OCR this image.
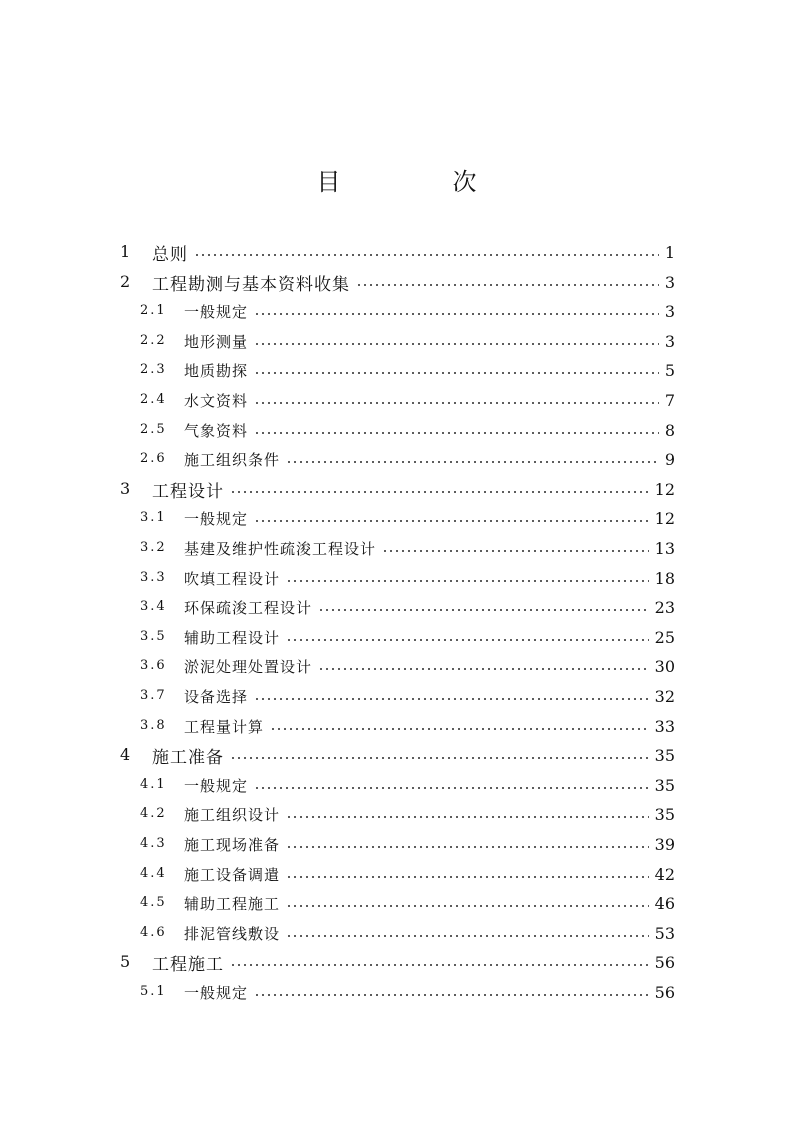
目　次
1 总则	1
2 工程勘测与基本资料收集	3
2.1 一般规定	3
2.2 地形测量	3
2.3 地质勘探	5
2.4 水文资料	7
2.5 气象资料	8
2.6 施工组织条件	9
3 工程设计	12
3.1 一般规定	12
3.2 基建及维护性疏浚工程设计	13
3.3 吹填工程设计	18
3.4 环保疏浚工程设计	23
3.5 辅助工程设计	25
3.6 淤泥处理处置设计	30
3.7 设备选择	32
3.8 工程量计算	33
4 施工准备	35
4.1 一般规定	35
4.2 施工组织设计	35
4.3 施工现场准备	39
4.4 施工设备调遣	42
4.5 辅助工程施工	46
4.6 排泥管线敷设	53
5 工程施工	56
5.1 一般规定	56
